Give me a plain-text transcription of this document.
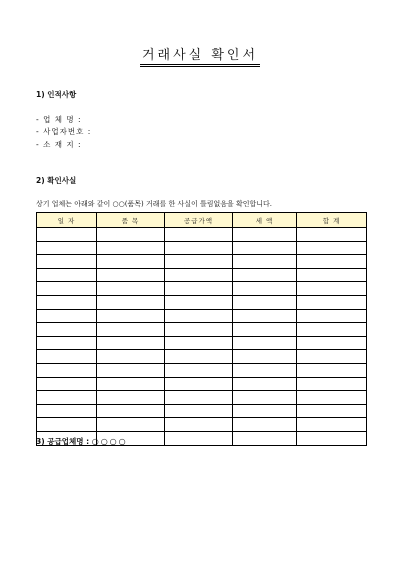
거래사실 확인서
1) 인적사항
- 업 체 명 :
- 사업자번호 :
- 소 재 지 :
2) 확인사실
상기 업체는 아래와 같이 ○○(품목) 거래를 한 사실이 틀림없음을 확인합니다.
일 자	품 목	공급가액	세 액	합 계

3) 공급업체명 : ○○○○
